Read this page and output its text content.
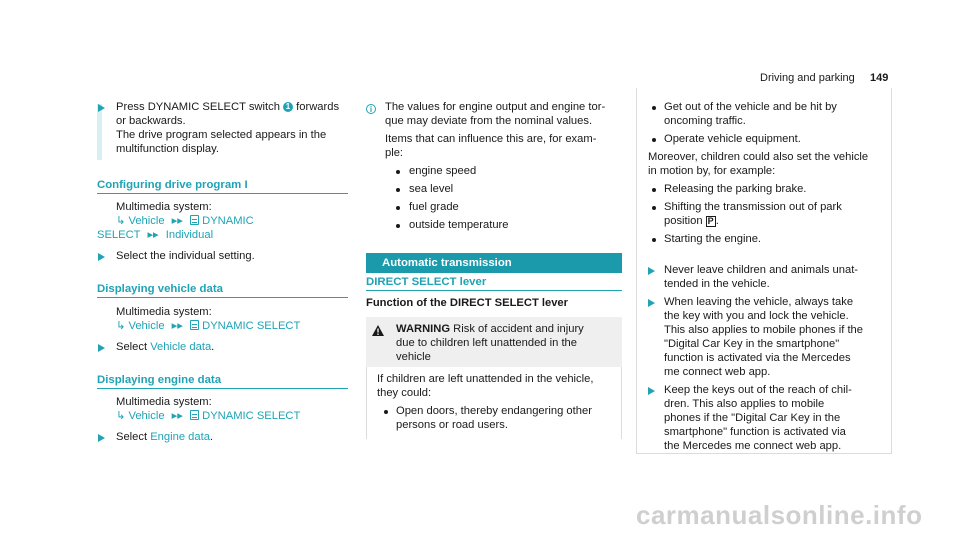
Driving and parking 149
Press DYNAMIC SELECT switch 1 forwards
or backwards.
The drive program selected appears in the
multifunction display.
Configuring drive program I
Multimedia system:
↳ Vehicle ▸▸ DYNAMIC
SELECT ▸▸ Individual
Select the individual setting.
Displaying vehicle data
Multimedia system:
↳ Vehicle ▸▸ DYNAMIC SELECT
Select Vehicle data.
Displaying engine data
Multimedia system:
↳ Vehicle ▸▸ DYNAMIC SELECT
Select Engine data.
i
The values for engine output and engine tor-
que may deviate from the nominal values.
Items that can influence this are, for exam-
ple:
engine speed
sea level
fuel grade
outside temperature
Automatic transmission
DIRECT SELECT lever
Function of the DIRECT SELECT lever
WARNING Risk of accident and injury
due to children left unattended in the
vehicle
If children are left unattended in the vehicle,
they could:
Open doors, thereby endangering other
persons or road users.
Get out of the vehicle and be hit by
oncoming traffic.
Operate vehicle equipment.
Moreover, children could also set the vehicle
in motion by, for example:
Releasing the parking brake.
Shifting the transmission out of park
position P .
Starting the engine.
Never leave children and animals unat-
tended in the vehicle.
When leaving the vehicle, always take
the key with you and lock the vehicle.
This also applies to mobile phones if the
"Digital Car Key in the smartphone"
function is activated via the Mercedes
me connect web app.
Keep the keys out of the reach of chil-
dren. This also applies to mobile
phones if the "Digital Car Key in the
smartphone" function is activated via
the Mercedes me connect web app.
carmanualsonline.info
